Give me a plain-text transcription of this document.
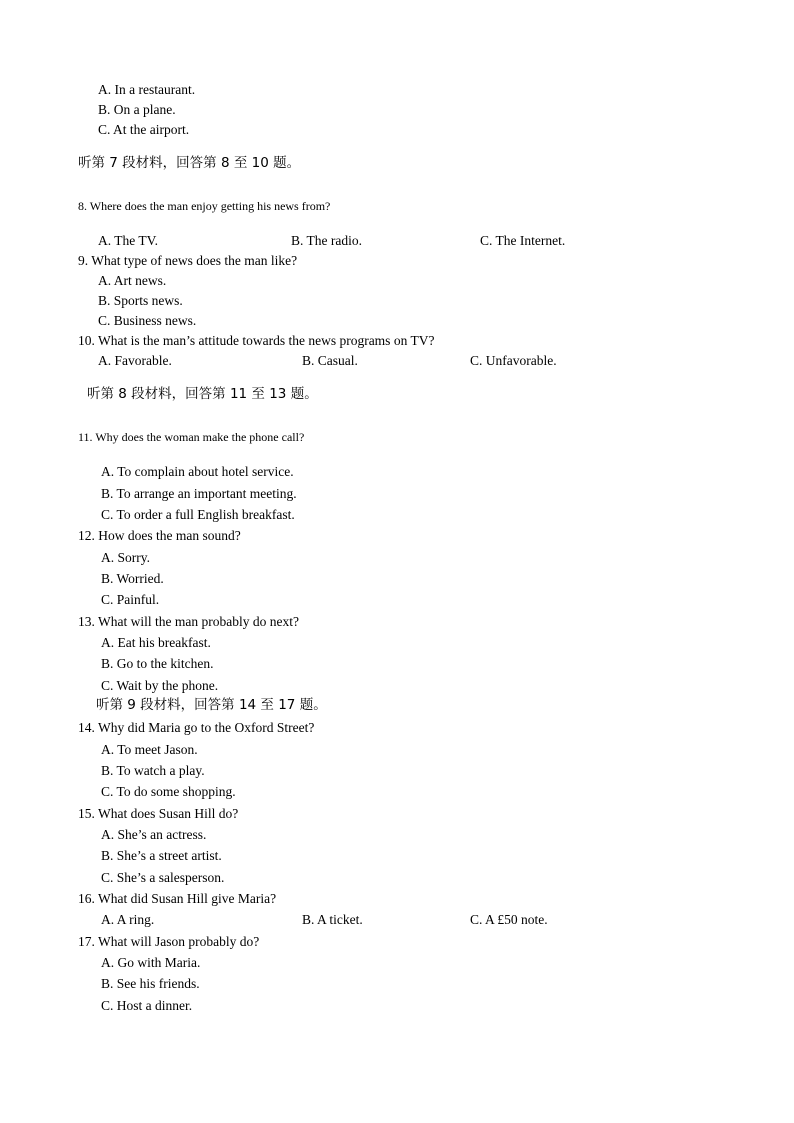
A. In a restaurant.
B. On a plane.
C. At the airport.
听第 7 段材料，回答第 8 至 10 题。
8. Where does the man enjoy getting his news from?
A. The TV.	B. The radio.	C. The Internet.
9. What type of news does the man like?
A. Art news.
B. Sports news.
C. Business news.
10. What is the man’s attitude towards the news programs on TV?
A. Favorable.	B. Casual.	C. Unfavorable.
听第 8 段材料，回答第 11 至 13 题。
11. Why does the woman make the phone call?
A. To complain about hotel service.
B. To arrange an important meeting.
C. To order a full English breakfast.
12. How does the man sound?
A. Sorry.
B. Worried.
C. Painful.
13. What will the man probably do next?
A. Eat his breakfast.
B. Go to the kitchen.
C. Wait by the phone.
听第 9 段材料，回答第 14 至 17 题。
14. Why did Maria go to the Oxford Street?
A. To meet Jason.
B. To watch a play.
C. To do some shopping.
15. What does Susan Hill do?
A. She’s an actress.
B. She’s a street artist.
C. She’s a salesperson.
16. What did Susan Hill give Maria?
A. A ring.	B. A ticket.	C. A £50 note.
17. What will Jason probably do?
A. Go with Maria.
B. See his friends.
C. Host a dinner.
